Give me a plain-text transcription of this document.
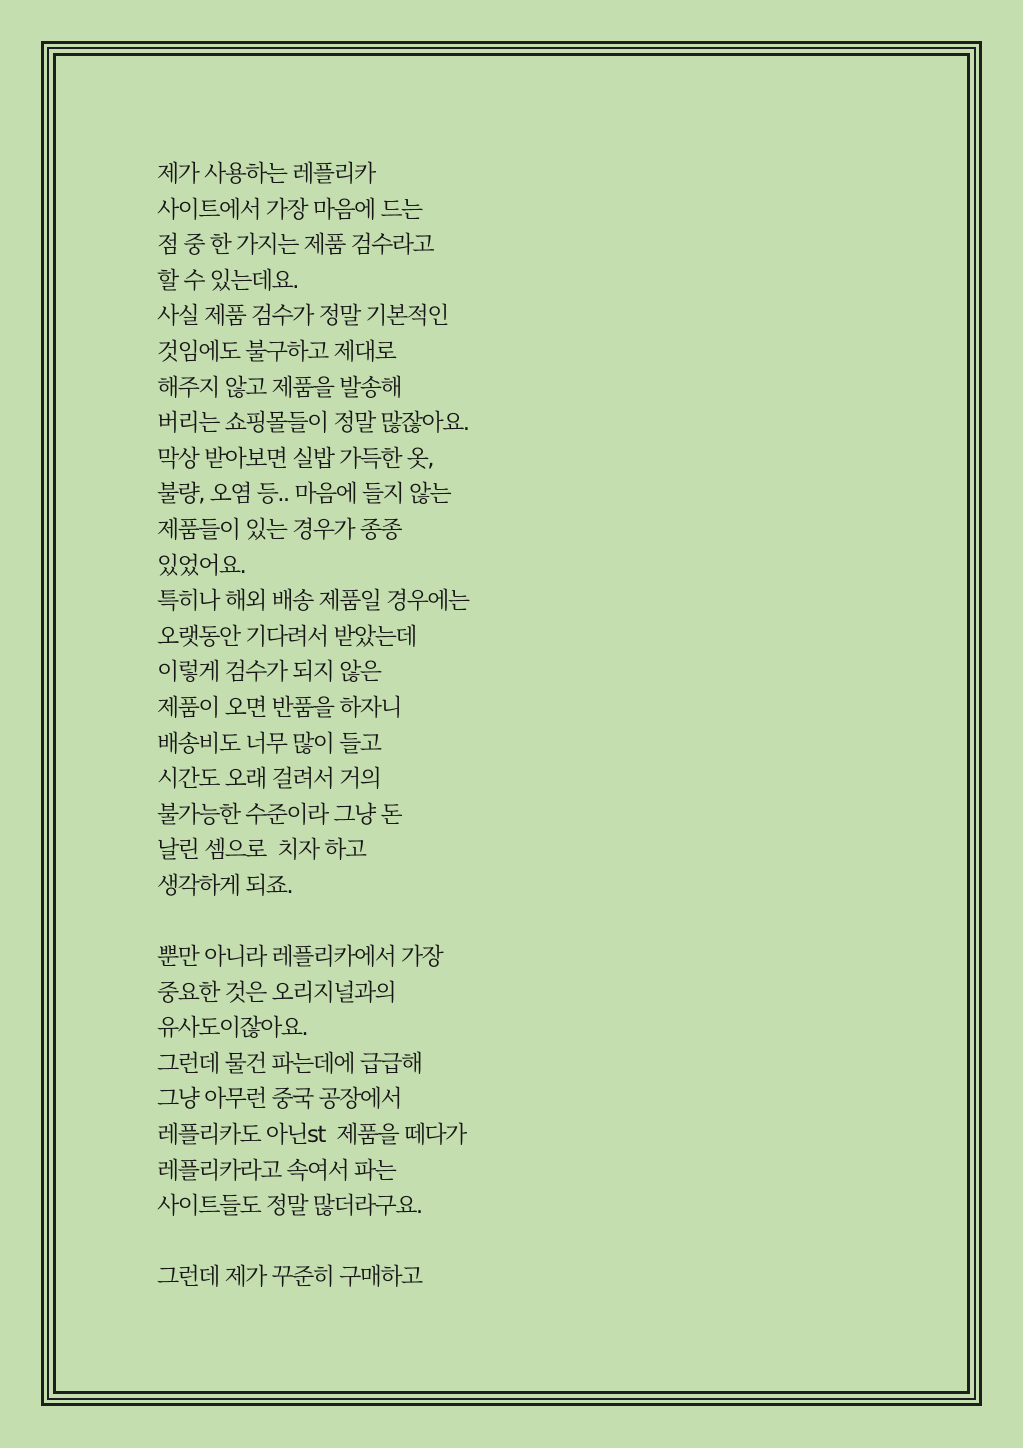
제가 사용하는 레플리카
사이트에서 가장 마음에 드는
점 중 한 가지는 제품 검수라고
할 수 있는데요.
사실 제품 검수가 정말 기본적인
것임에도 불구하고 제대로
해주지 않고 제품을 발송해
버리는 쇼핑몰들이 정말 많잖아요.
막상 받아보면 실밥 가득한 옷,
불량, 오염 등.. 마음에 들지 않는
제품들이 있는 경우가 종종
있었어요.
특히나 해외 배송 제품일 경우에는
오랫동안 기다려서 받았는데
이렇게 검수가 되지 않은
제품이 오면 반품을 하자니
배송비도 너무 많이 들고
시간도 오래 걸려서 거의
불가능한 수준이라 그냥 돈
날린 셈으로  치자 하고
생각하게 되죠.
뿐만 아니라 레플리카에서 가장
중요한 것은 오리지널과의
유사도이잖아요.
그런데 물건 파는데에 급급해
그냥 아무런 중국 공장에서
레플리카도 아닌st  제품을 떼다가
레플리카라고 속여서 파는
사이트들도 정말 많더라구요.
그런데 제가 꾸준히 구매하고
